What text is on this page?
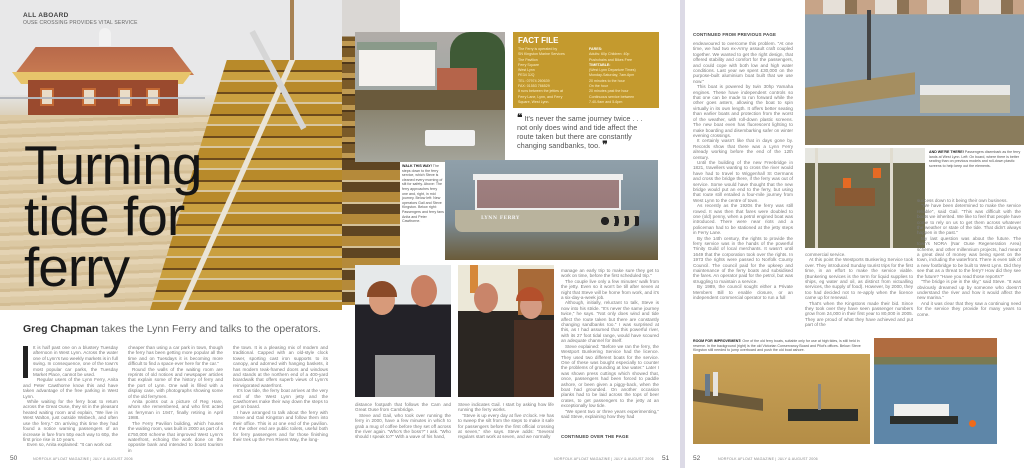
ALL ABOARD
OUSE CROSSING PROVIDES VITAL SERVICE
Turning
tide for
ferry
Greg Chapman takes the Lynn Ferry and talks to the operators.

It is half past one on a blustery Tuesday afternoon in West Lynn. Across the water one of Lynn's two weekly markets is in full swing. In consequence, one of the town's most popular car parks, the Tuesday Market Place, cannot be used.

Regular users of the Lynn Ferry, Anita and Peter Cawthorne know this and have taken advantage of the free parking in West Lynn.

While waiting for the ferry boat to return across the Great Ouse, they sit in the pleasant heated waiting room and explain, "We live in West Walton, just outside Wisbech, and often use the ferry." On arriving this time they had found a notice warning passengers of an increase in fare from 50p each way to 60p, the first price rise in 10 years.

Even so, Anita explained: "It can work out

cheaper than using a car park in town, though the ferry has been getting more popular all the time and on Tuesdays it is becoming more difficult to find a space ever here for the car."

Round the walls of the waiting room are reprints of old notices and newspaper articles that explain some of the history of ferry and the port of Lynn. One wall is filled with a display case, with photographs showing some of the old ferrymen.

Anita points out a picture of Reg Hare, whom she remembered, and who first acted as ferryman in 1947, finally retiring in April 1988.

The Ferry Pavilion building, which houses the waiting room, was built in 2000 as part of a £750,000 scheme that improved West Lynn's waterfront, echoing the work done on the opposite bank and intended to boost tourism in

the town. It is a pleasing mix of modern and traditional. Capped with an old-style clock tower, sporting cast iron supports to its canopy, and adorned with hanging baskets, it has modern teak-framed doors and windows and stands at the northern end of a 400-yard boardwalk that offers superb views of Lynn's reinvigorated waterfront.

It's low tide, the ferry boat arrives at the very end of the West Lynn jetty and the Cawthornes make their way down the steps to get on board.

I have arranged to talk about the ferry with Steve and Gail Kingston and follow them into their office. This is at one end of the pavilion. At the other end are public toilets, useful both for ferry passengers and for those finishing their trek up the Fen Rivers Way, the long-

50	NORFOLK AFLOAT MAGAZINE | JULY & AUGUST 2006
FACT FILE
The Ferry is operated by
SN Kingston Marine Services
The Pavilion
Ferry Square
West Lynn
PE34 3JQ
TEL: 07974 260639
FAX: 01553 766529
It runs between the jetties at
Ferry Lane, Lynn, and Ferry
Square, West Lynn.
FARES:
Adults: 60p Children: 40p
Pushchairs and Bikes Free
TIMETABLE:
(West Lynn Departure Times)
Monday-Saturday, 7am-6pm
20 minutes to the hour
On the hour
20 minutes past the hour
Continuous service between
7.40-9am and 5-6pm
❝ It's never the same journey twice . . . not only does wind and tide affect the route taken but there are constantly changing sandbanks, too. ❞
WALK THIS WAY! The steps down to the ferry service, which Steve is cleaned every morning of silt for safety. Above: The ferry approaches ferry one and, right, in mid journey. Below left: New operators Gail and Steve Kingston. Below right: Passengers and ferry fans Anita and Peter Cawthorne.
LYNN FERRY

distance footpath that follows the Cam and Great Ouse from Cambridge.

Steve and Gail, who took over running the ferry in 2000, have a few minutes in which to grab a mug of coffee before they set off across the river again. "Who's the boss?" I ask. "Who should I speak to?" With a wave of his hand,

Steve indicates Gail. I start by asking how life running the ferry works.

"Steve is up every day at five o'clock. He has to sweep the silt from the steps to make it safe for passengers before the first official crossing at seven," she says. Steve adds: "Several regulars start work at seven, and we normally

manage an early trip to make sure they get to work on time, before the first scheduled trip."

The couple live only a few minutes' walk from the jetty. Even so it won't be till after seven at night that Steve will be home from work, and it's a six-day-a-week job.

Although, initially, reluctant to talk, Steve is now into his stride. "It's never the same journey twice," he says. "Not only does wind and tide affect the route taken but there are constantly changing sandbanks too." I was surprised at this, as I had assumed that this powerful river, with its 27 foot tidal range, would have scoured an adequate channel for itself.

Steve explained: "Before we ran the ferry, the Westport Bunkering Service had the licence. They used two different boats for the service. One of these was bought especially to counter the problems of grounding at low water." Later I was shown press cuttings which showed that, once, passengers had been forced to paddle ashore, or been given a piggy-back, when the boat had grounded. On another occasion planks had to be laid across the tops of beer crates, to get passengers to the jetty at an exceptionally low tide.

"We spent two or three years experimenting," said Steve, explaining how they had

CONTINUED OVER THE PAGE
NORFOLK AFLOAT MAGAZINE | JULY & AUGUST 2006 51
CONTINUED FROM PREVIOUS PAGE

endeavoured to overcome this problem. "At one time, we had two ex-Army assault craft coupled together. We wanted to get the right design, that offered stability and comfort for the passengers, and could cope with both low and high water conditions. Last year we spent £30,000 on the purpose-built aluminium boat built that we use now."

This boat is powered by twin 30hp Yamaha engines. These have independent controls so that one can be made to run forward while the other goes astern, allowing the boat to spin virtually in its own length. It offers better seating than earlier boats and protection from the worst of the weather, with roll-down plastic screens. The new boat even has fluorescent lighting to make boarding and disembarking safer on winter evening crossings.

It certainly wasn't like that in days gone by. Records show that there was a Lynn Ferry already working before the end of the 12th century.

Until the building of the new Freebridge in 1821, travellers wanting to cross the river would have had to travel to Wiggenhall St Germans and cross the bridge there, if the ferry was out of service. Some would have thought that the new bridge would put an end to the ferry, but using that route still entailed a four-mile journey from West Lynn to the centre of town.

As recently as the 1920s the ferry was still rowed. It was then that fares were doubled to one (old) penny, when a petrol engined boat was introduced. There were near riots and a policeman had to be stationed at the jetty steps in Ferry Lane.

By the 14th century, the rights to provide the ferry service was in the hands of the powerful Trinity Guild of local merchants. It wasn't until 1649 that the corporation took over the rights. In 1973 the rights were passed to Norfolk County Council. The council paid for the upkeep and maintenance of the ferry boats and subsidised the fares. An operator paid for the petrol, but was struggling to maintain a service.

By 1989, the council sought either a Private Members Bill to enable closure, or an independent commercial operator to run a full

AND WE'RE THERE! Passengers disembark as the ferry lands at West Lynn. Left: On board, where there is better seating than on previous models and roll-down plastic screens to help keep out the elements.

commercial service.

At this point the Westports Bunkering Service took over. They introduced Sunday tourist trips for the first time, in an effort to make the service viable. (Bunkering services is the term for liquid supplies to ships, eg water and oil, as distinct from victualling services, the supply of food). However, by 2000, they too had decided not to re-apply when the licence came up for renewal.

That's when the Kingstons made their bid. Since they took over they have seen passenger numbers grow from 24,000 in their first year to 80,000 in 2005. They are proud of what they have achieved and put part of the

success down to it being their own business.

"We have been determined to make the service reliable", said Gail. "This was difficult with the boats we inherited. We like to feel that people have come to rely on us to get them across whatever the weather or state of the tide. That didn't always happen in the past."

My last question was about the future. The town's NORA (Nar Ouse Regeneration Area) scheme, and other millennium projects, had meant a great deal of money was being spent on the town, including the waterfront. There is even talk of a new footbridge to be built to West Lynn. Did they see that as a threat to the ferry? How did they see the future? "Have you read those reports?"

"The bridge is pie in the sky," said Steve. "It was obviously dreamed up by someone who doesn't understand the river and how it would affect the new marina."

And it was clear that they saw a continuing need for the service they provide for many years to come.

ROOM FOR IMPROVEMENT: One of the old ferry boats, suitable only for use at high tides, is still held in reserve. In the background (right) is the old Victorian Conservancy Board and Pilot's offices. Below: Steve Kingston still needed to jump overboard and push the old boat ashore.
52	NORFOLK AFLOAT MAGAZINE | JULY & AUGUST 2006
